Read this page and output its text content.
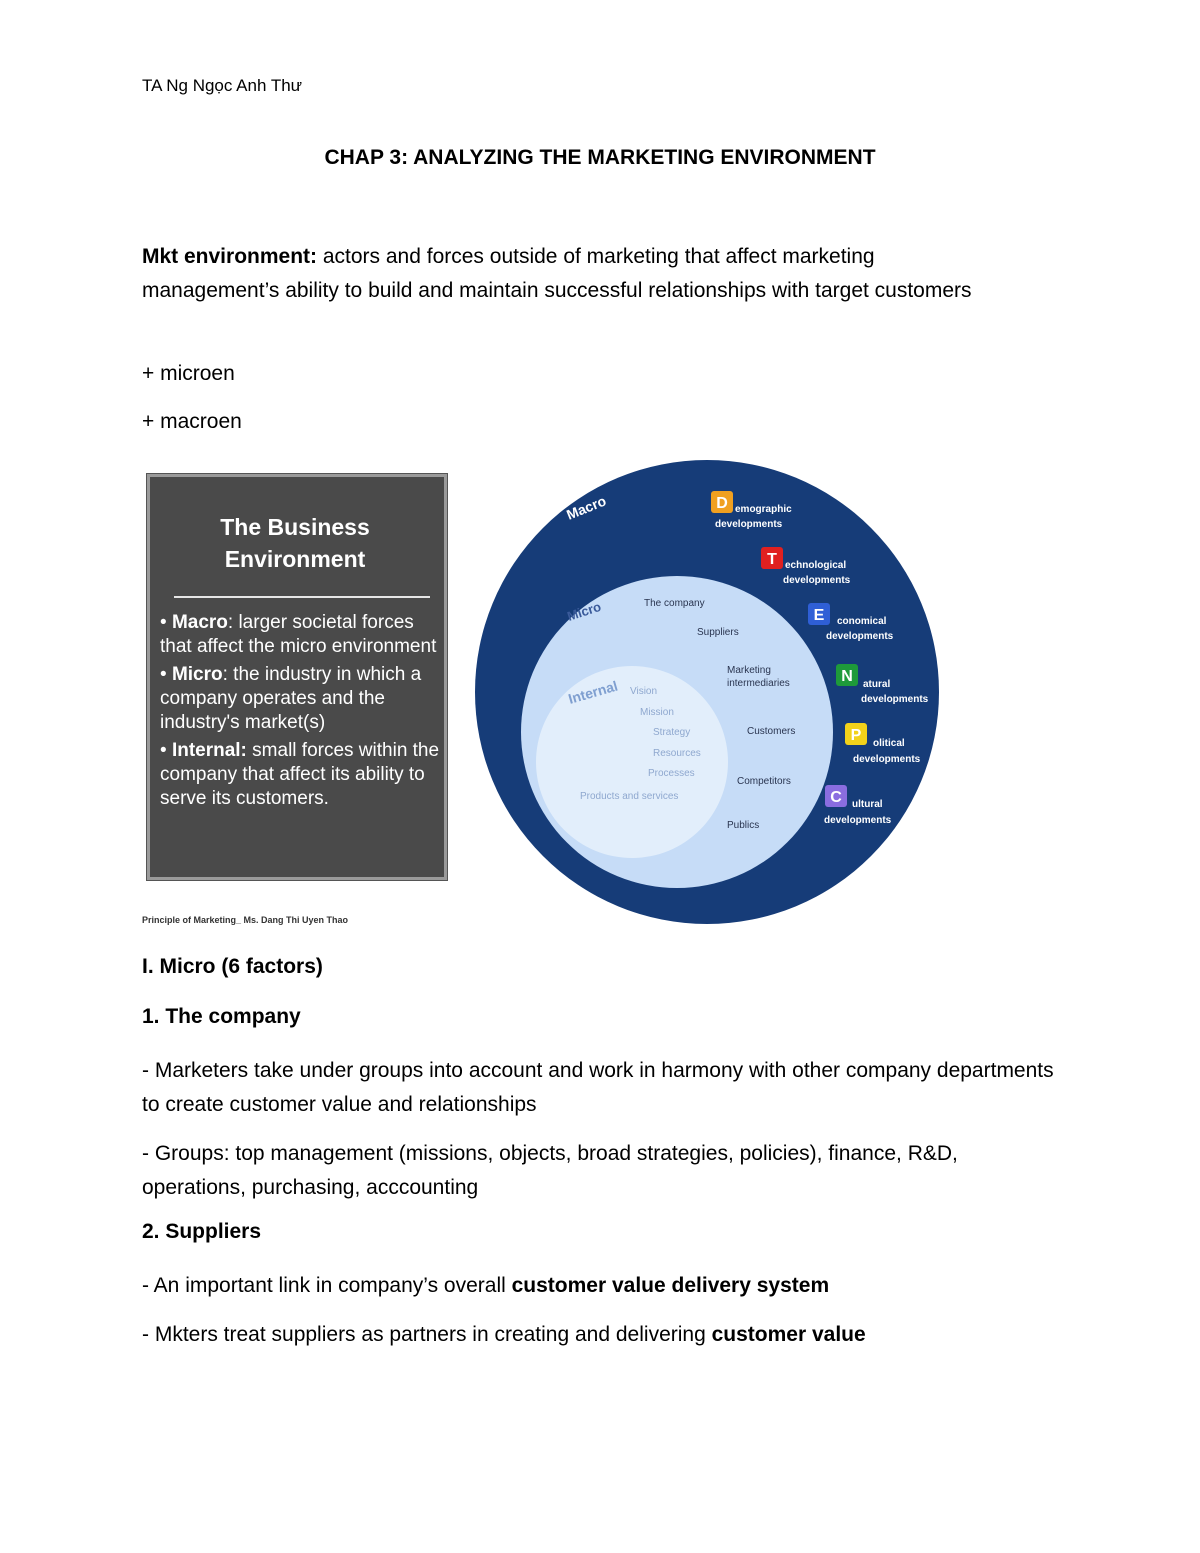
TA Ng Ngọc Anh Thư
CHAP 3: ANALYZING THE MARKETING ENVIRONMENT
Mkt environment: actors and forces outside of marketing that affect marketing management’s ability to build and maintain successful relationships with target customers
+ microen
+ macroen
The Business
Environment
• Macro: larger societal forces that affect the micro environment
• Micro: the industry in which a company operates and the industry's market(s)
• Internal: small forces within the company that affect its ability to serve its customers.
Principle of Marketing_ Ms. Dang Thi Uyen Thao
Macro
Micro
Internal
The company
Suppliers
Marketing
intermediaries
Customers
Competitors
Publics
Vision
Mission
Strategy
Resources
Processes
Products and services
D emographic
developments
T echnological
developments
E conomical
developments
N atural
developments
P olitical
developments
C ultural
developments
I. Micro (6 factors)
1. The company
- Marketers take under groups into account and work in harmony with other company departments to create customer value and relationships
- Groups: top management (missions, objects, broad strategies, policies), finance, R&D, operations, purchasing, acccounting
2. Suppliers
- An important link in company’s overall customer value delivery system
- Mkters treat suppliers as partners in creating and delivering customer value
